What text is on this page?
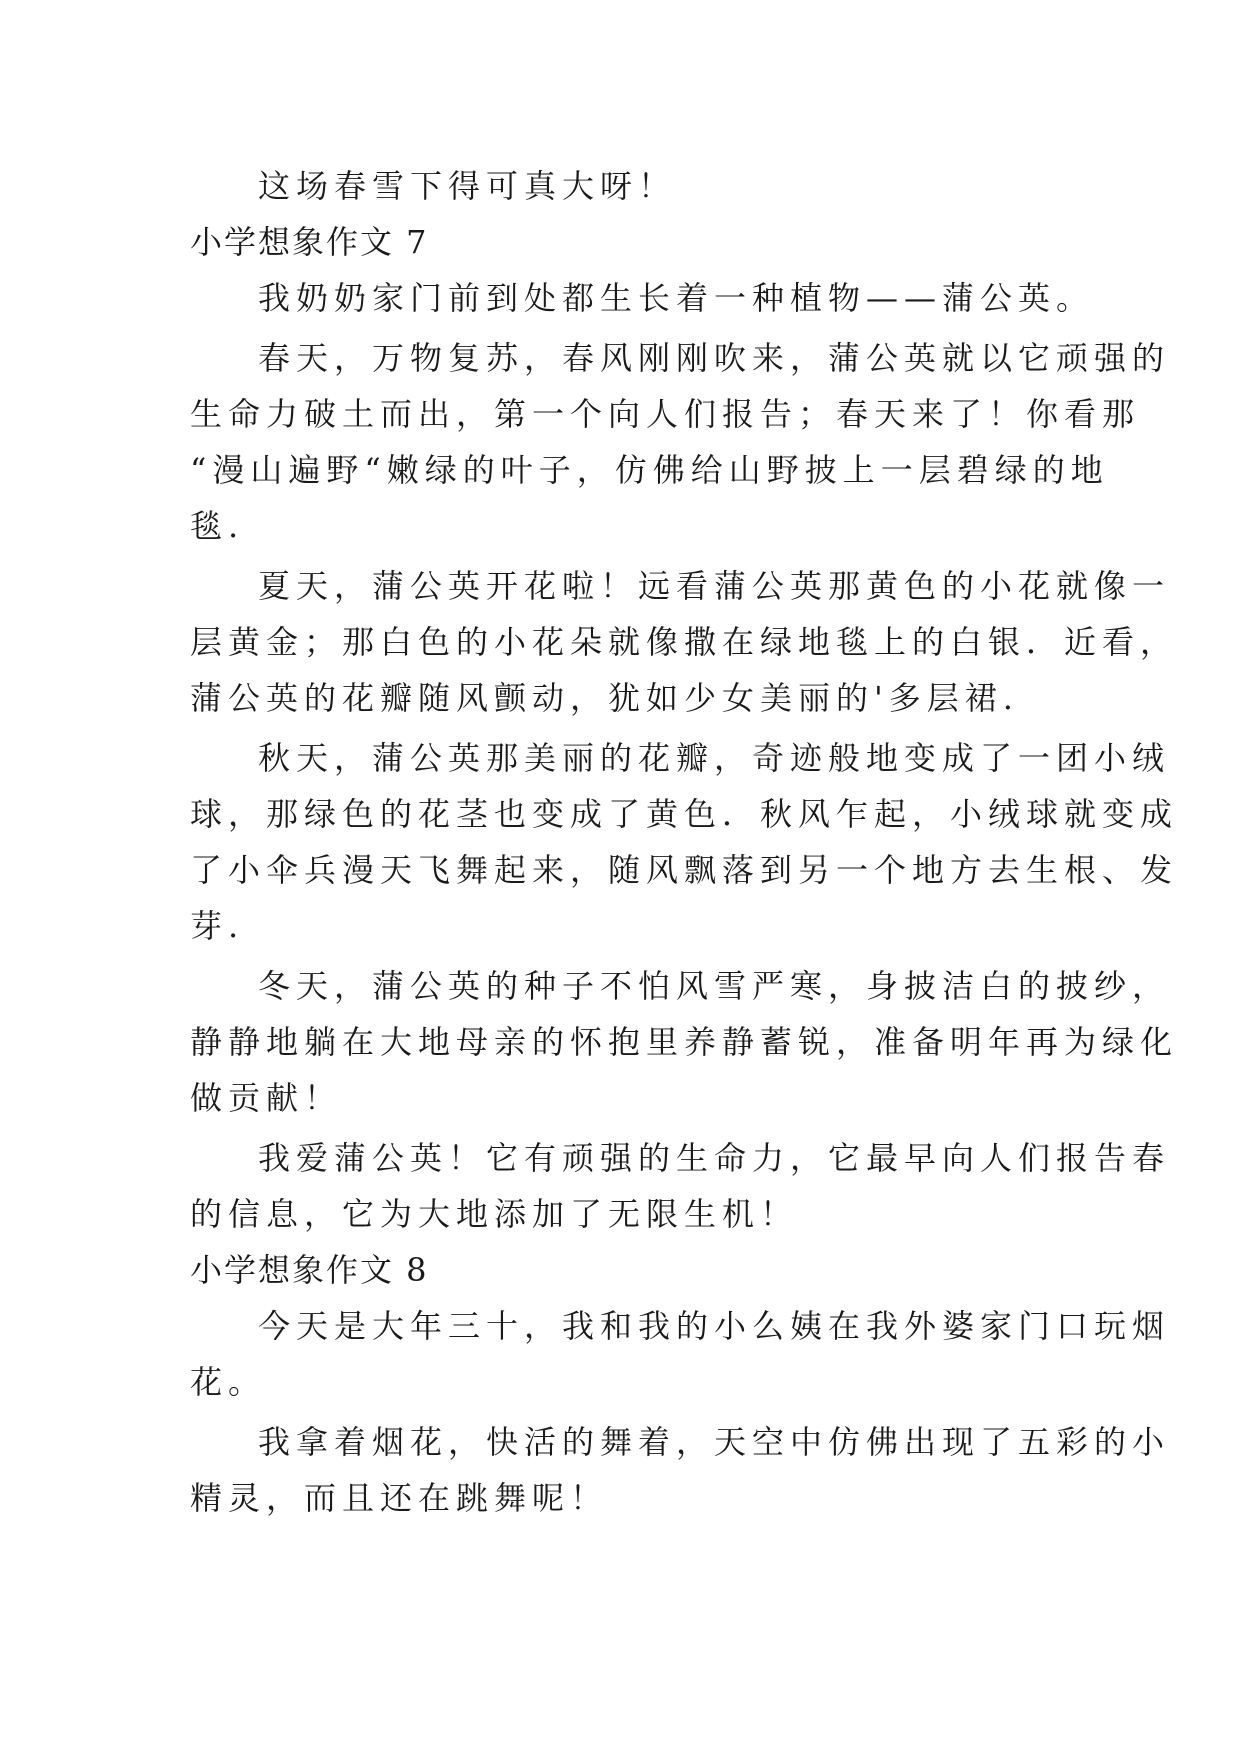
这场春雪下得可真大呀！
小学想象作文 7
我奶奶家门前到处都生长着一种植物——蒲公英。
春天，万物复苏，春风刚刚吹来，蒲公英就以它顽强的
生命力破土而出，第一个向人们报告；春天来了！你看那
“漫山遍野“嫩绿的叶子，仿佛给山野披上一层碧绿的地
毯.
夏天，蒲公英开花啦！远看蒲公英那黄色的小花就像一
层黄金；那白色的小花朵就像撒在绿地毯上的白银．近看，
蒲公英的花瓣随风颤动，犹如少女美丽的'多层裙.
秋天，蒲公英那美丽的花瓣，奇迹般地变成了一团小绒
球，那绿色的花茎也变成了黄色．秋风乍起，小绒球就变成
了小伞兵漫天飞舞起来，随风飘落到另一个地方去生根、发
芽.
冬天，蒲公英的种子不怕风雪严寒，身披洁白的披纱，
静静地躺在大地母亲的怀抱里养静蓄锐，准备明年再为绿化
做贡献！
我爱蒲公英！它有顽强的生命力，它最早向人们报告春
的信息，它为大地添加了无限生机！
小学想象作文 8
今天是大年三十，我和我的小么姨在我外婆家门口玩烟
花。
我拿着烟花，快活的舞着，天空中仿佛出现了五彩的小
精灵，而且还在跳舞呢！
